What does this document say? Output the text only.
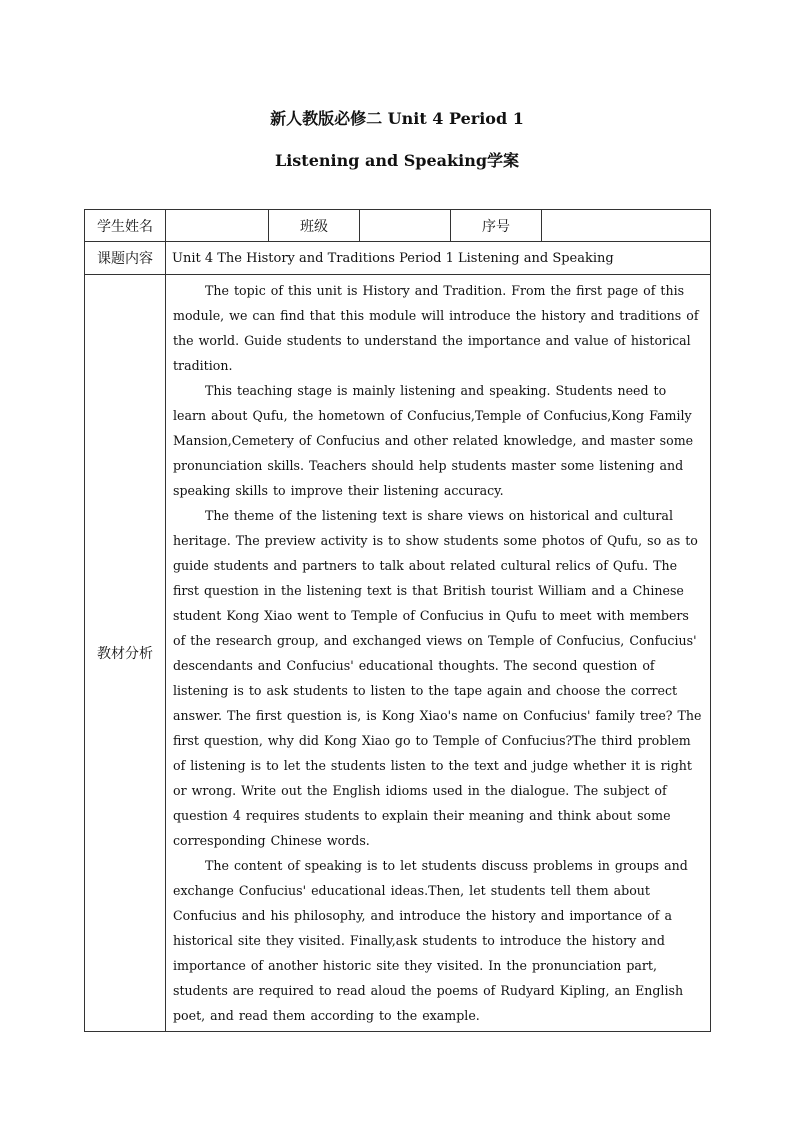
新人教版必修二 Unit 4 Period 1
Listening and Speaking学案
学生姓名		班级		序号	
课题内容	Unit 4 The History and Traditions Period 1 Listening and Speaking				
教材分析	The topic of this unit is History and Tradition. From the first page of this module, we can find that this module will introduce the history and traditions of the world. Guide students to understand the importance and value of historical tradition.

This teaching stage is mainly listening and speaking. Students need to learn about Qufu, the hometown of Confucius,Temple of Confucius,Kong Family Mansion,Cemetery of Confucius and other related knowledge, and master some pronunciation skills. Teachers should help students master some listening and speaking skills to improve their listening accuracy.

The theme of the listening text is share views on historical and cultural heritage. The preview activity is to show students some photos of Qufu, so as to guide students and partners to talk about related cultural relics of Qufu. The first question in the listening text is that British tourist William and a Chinese student Kong Xiao went to Temple of Confucius in Qufu to meet with members of the research group, and exchanged views on Temple of Confucius, Confucius' descendants and Confucius' educational thoughts. The second question of listening is to ask students to listen to the tape again and choose the correct answer. The first question is, is Kong Xiao's name on Confucius' family tree? The first question, why did Kong Xiao go to Temple of Confucius?The third problem of listening is to let the students listen to the text and judge whether it is right or wrong. Write out the English idioms used in the dialogue. The subject of question 4 requires students to explain their meaning and think about some corresponding Chinese words.

The content of speaking is to let students discuss problems in groups and exchange Confucius' educational ideas.Then, let students tell them about Confucius and his philosophy, and introduce the history and importance of a historical site they visited. Finally,ask students to introduce the history and importance of another historic site they visited. In the pronunciation part, students are required to read aloud the poems of Rudyard Kipling, an English poet, and read them according to the example.				
